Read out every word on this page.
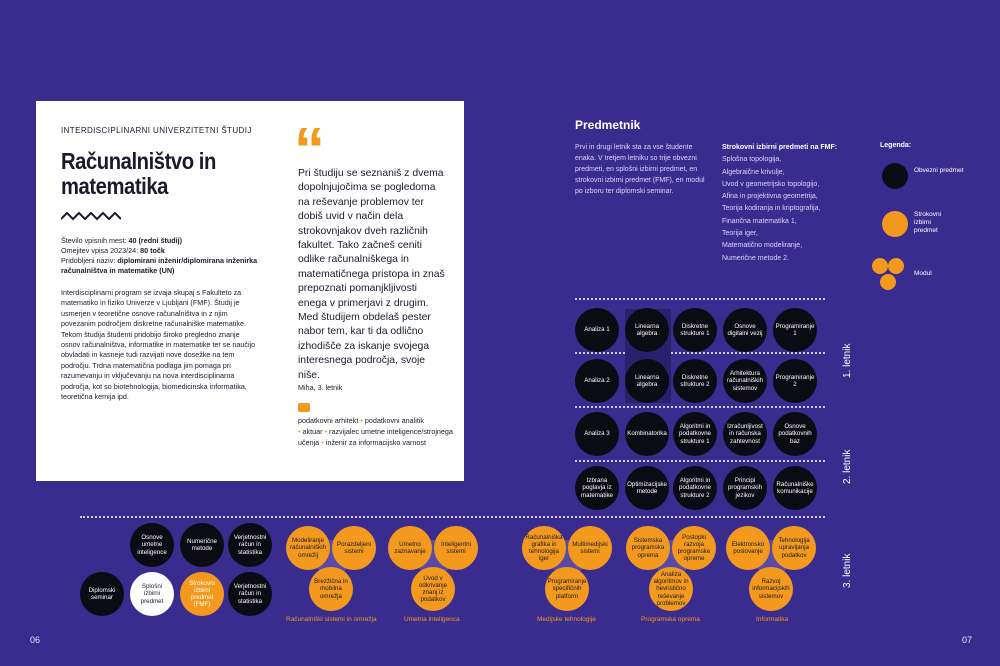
INTERDISCIPLINARNI UNIVERZITETNI ŠTUDIJ
Računalništvo in matematika
Število vpisnih mest: 40 (redni študij)
Omejitev vpisa 2023/24: 80 točk
Pridobljeni naziv: diplomirani inženir/diplomirana inženirka računalništva in matematike (UN)
Interdisciplinarni program se izvaja skupaj s Fakulteto za matematiko in fiziko Univerze v Ljubljani (FMF). Študij je usmerjen v teoretične osnove računalništva in z njim povezanim področjem diskretne računalniške matematike. Tekom študija študenti pridobijo široko pregledno znanje osnov računalništva, informatike in matematike ter se naučijo obvladati in kasneje tudi razvijati nove dosežke na tem področju. Trdna matematična podlaga jim pomaga pri razumevanju in vključevanju na nova interdisciplinarna področja, kot so biotehnologija, biomedicinska informatika, teoretična kemija ipd.
“
Pri študiju se seznaniš z dvema dopolnjujočima se pogledoma na reševanje problemov ter dobiš uvid v način dela strokovnjakov dveh različnih fakultet. Tako začneš ceniti odlike računalniškega in matematičnega pristopa in znaš prepoznati pomanjkljivosti enega v primerjavi z drugim. Med študijem obdelaš pester nabor tem, kar ti da odlično izhodišče za iskanje svojega interesnega področja, svoje niše.
Miha, 3. letnik
podatkovni arhitekt • podatkovni analitik
• aktuar • razvijalec umetne inteligence/strojnega učenja • inženir za informacijsko varnost
Predmetnik
Prvi in drugi letnik sta za vse študente enaka. V tretjem letniku so trije obvezni predmeti, en splošni izbirni predmet, en strokovni izbirni predmet (FMF), en modul po izboru ter diplomski seminar.
Strokovni izbirni predmeti na FMF:
Splošna topologija,
Algebraične krivulje,
Uvod v geometrijsko topologijo,
Afina in projektivna geometrija,
Teorija kodiranja in kriptografija,
Finančna matematika 1,
Teorija iger,
Matematično modeliranje,
Numerične metode 2.
Legenda:
Obvezni predmet
Strokovni izbirni predmet
Modul
1. letnik
2. letnik
3. letnik
Analiza 1
Linearna algebra
Diskretne strukture 1
Osnove digitalni vezij
Programiranje 1
Analiza 2
Linearna algebra
Diskretne strukture 2
Arhitektura računalniških sistemov
Programiranje 2
Analiza 3	Kombinatorika
Algoritmi in podatkovne strukture 1
Izračunljivost in računska zahtevnost
Osnove podatkovnih baz
Izbrana poglavja iz matematike
Optimizacijske metode
Algoritmi in podatkovne strukture 2
Principi programskih jezikov
Računalniške komunikacije
Osnove umetne inteligence
Numerične metode
Verjetnostni račun in statistika
Diplomski seminar
Splošni izbirni predmet
Strokovni izbirni predmet (FMF)
Verjetnostni račun in statistika
Modeliranje računalniških omrežij
Porazdeljeni sistemi
Brezžična in mobilna omrežja
Računalniški sistemi in omrežja
Umetno zaznavanje
Inteligentni sistemi
Uvod v odkrivanje znanj iz podatkov
Umetna inteligenca
Računalniška grafika in tehnologija iger
Multimedijski sistemi
Programiranje specifičnih platform
Medijske tehnologije
Sistemska programska oprema
Postopki razvoja programske opreme
Analiza algoritmov in hevristično reševanje problemov
Programska oprema
Elektronsko poslovanje
Tehnologija upravljanja podatkov
Razvoj informacijskih sistemov
Informatika
06	07
